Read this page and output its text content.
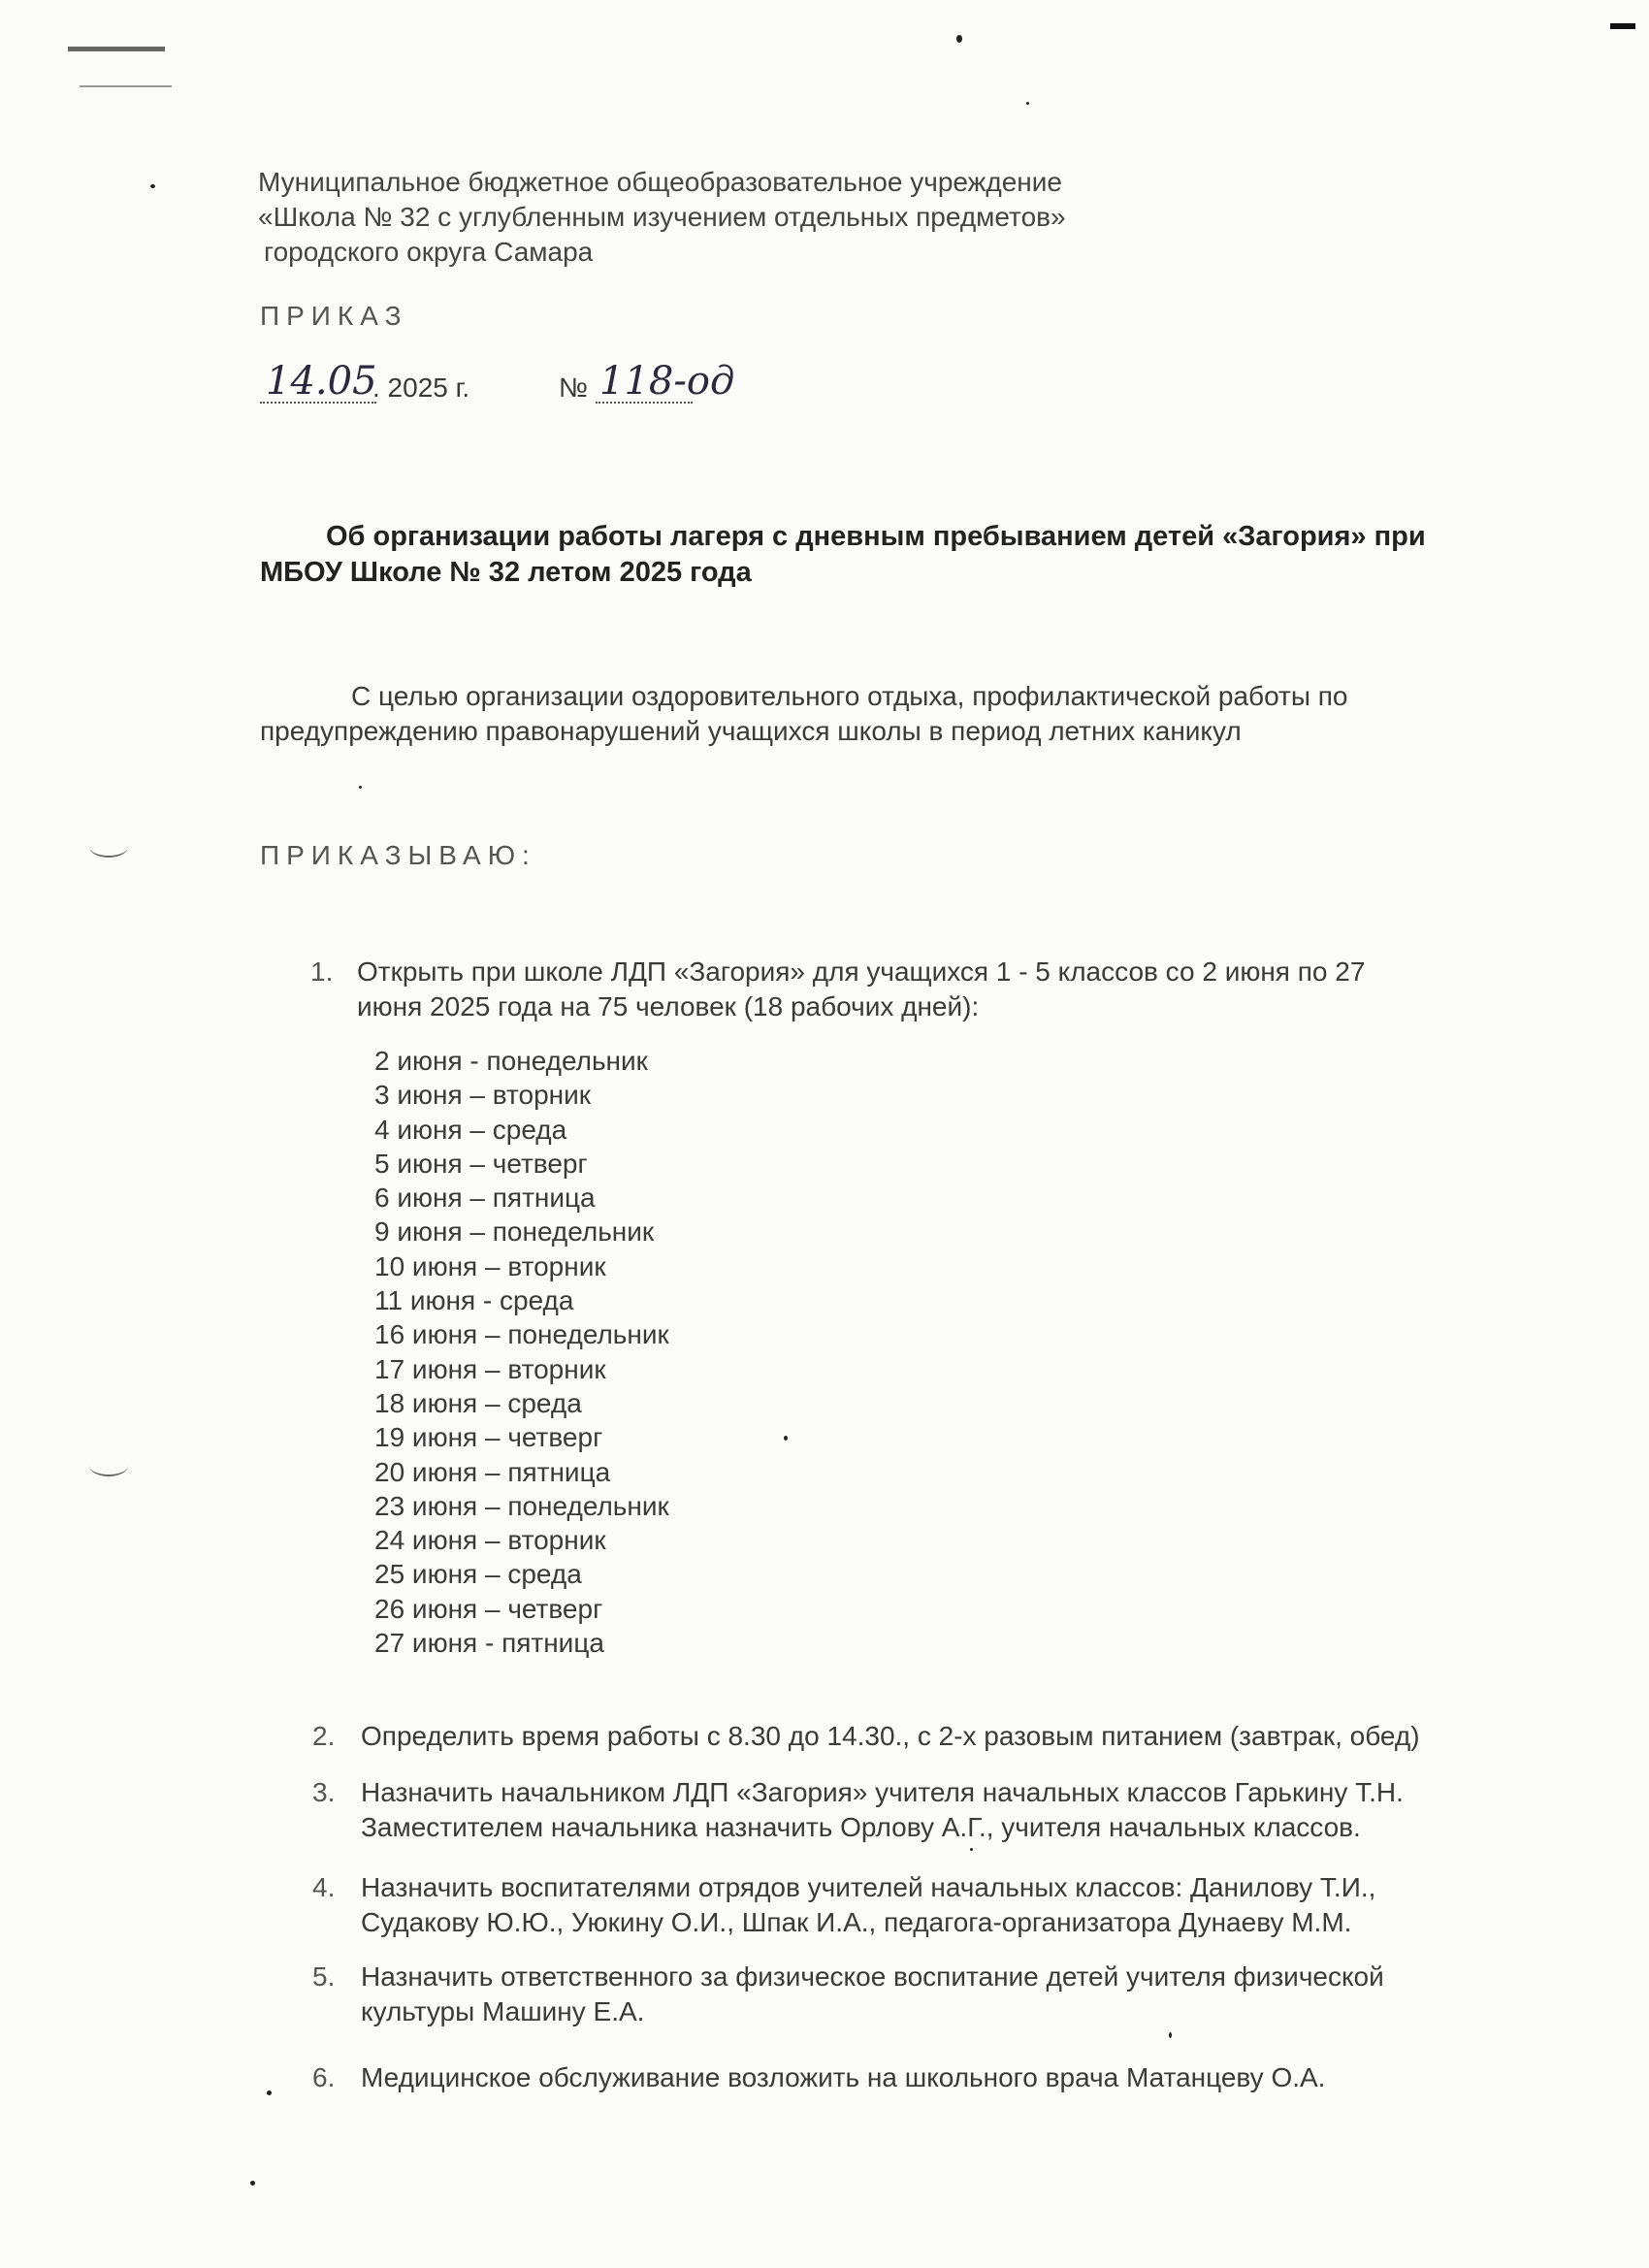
Муниципальное бюджетное общеобразовательное учреждение
«Школа № 32 с углубленным изучением отдельных предметов»
городского округа Самара
ПРИКАЗ
14.05
. 2025 г.	№ 118-од
Об организации работы лагеря с дневным пребыванием детей «Загория» при
МБОУ Школе № 32 летом 2025 года
С целью организации оздоровительного отдыха, профилактической работы по
предупреждению правонарушений учащихся школы в период летних каникул
ПРИКАЗЫВАЮ:
1. Открыть при школе ЛДП «Загория» для учащихся 1 - 5 классов со 2 июня по 27
июня 2025 года на 75 человек (18 рабочих дней):
2 июня - понедельник
3 июня – вторник
4 июня – среда
5 июня – четверг
6 июня – пятница
9 июня – понедельник
10 июня – вторник
11 июня - среда
16 июня – понедельник
17 июня – вторник
18 июня – среда
19 июня – четверг
20 июня – пятница
23 июня – понедельник
24 июня – вторник
25 июня – среда
26 июня – четверг
27 июня - пятница
2. Определить время работы с 8.30 до 14.30., с 2-х разовым питанием (завтрак, обед)
3. Назначить начальником ЛДП «Загория» учителя начальных классов Гарькину Т.Н.
Заместителем начальника назначить Орлову А.Г., учителя начальных классов.
4. Назначить воспитателями отрядов учителей начальных классов: Данилову Т.И.,
Судакову Ю.Ю., Уюкину О.И., Шпак И.А., педагога-организатора Дунаеву М.М.
5. Назначить ответственного за физическое воспитание детей учителя физической
культуры Машину Е.А.
6. Медицинское обслуживание возложить на школьного врача Матанцеву О.А.
